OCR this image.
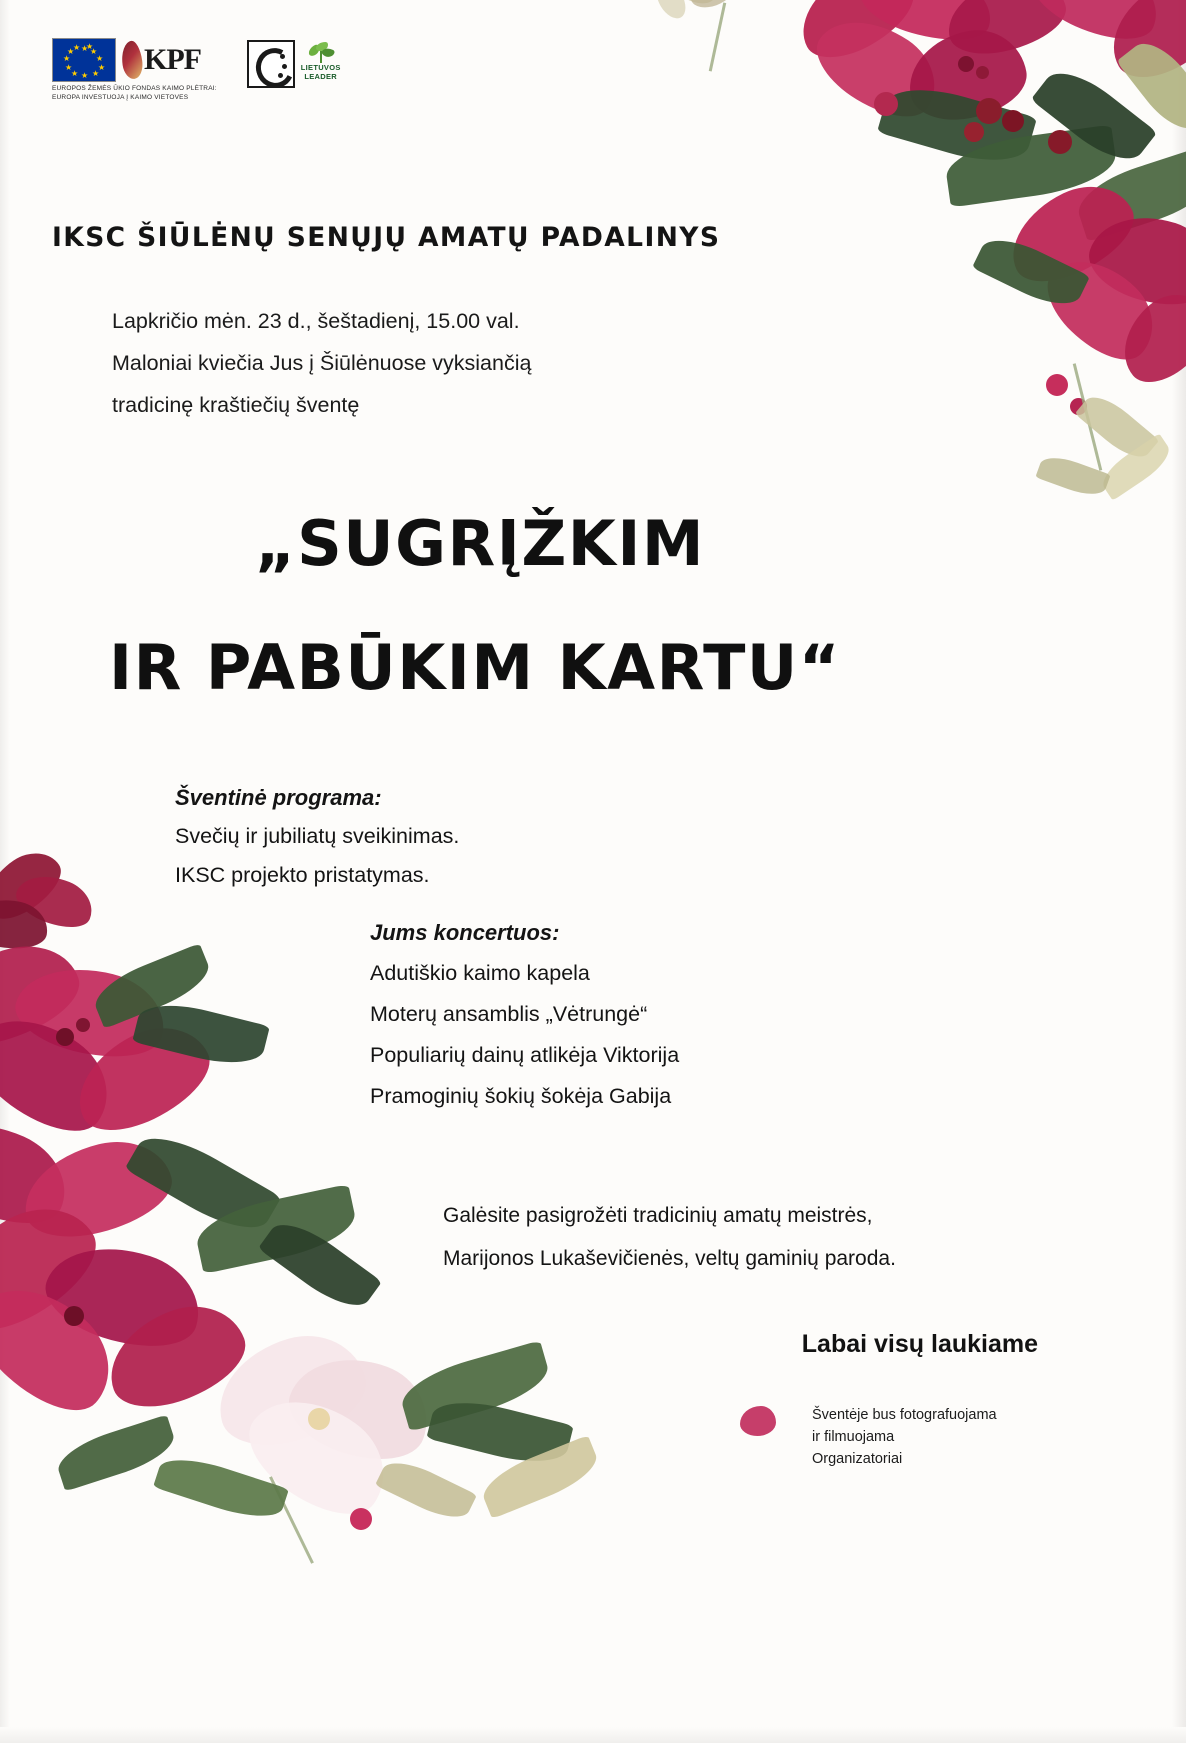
★ ★
★
★
★
★
★
★
★
★
★ ★ KPF
EUROPOS ŽEMĖS ŪKIO FONDAS KAIMO PLĖTRAI:
EUROPA INVESTUOJA Į KAIMO VIETOVES
LIETUVOS
LEADER
IKSC ŠIŪLĖNŲ SENŲJŲ AMATŲ PADALINYS
Lapkričio mėn. 23 d., šeštadienį, 15.00 val.
Maloniai kviečia Jus į Šiūlėnuose vyksiančią
tradicinę kraštiečių šventę
„SUGRĮŽKIM
IR PABŪKIM KARTU“
Šventinė programa:
Svečių ir jubiliatų sveikinimas.
IKSC projekto pristatymas.
Jums koncertuos:
Adutiškio kaimo kapela
Moterų ansamblis „Vėtrungė“
Populiarių dainų atlikėja Viktorija
Pramoginių šokių šokėja Gabija
Galėsite pasigrožėti tradicinių amatų meistrės,
Marijonos Lukaševičienės, veltų gaminių paroda.
Labai visų laukiame
Šventėje bus fotografuojama
ir filmuojama
Organizatoriai
